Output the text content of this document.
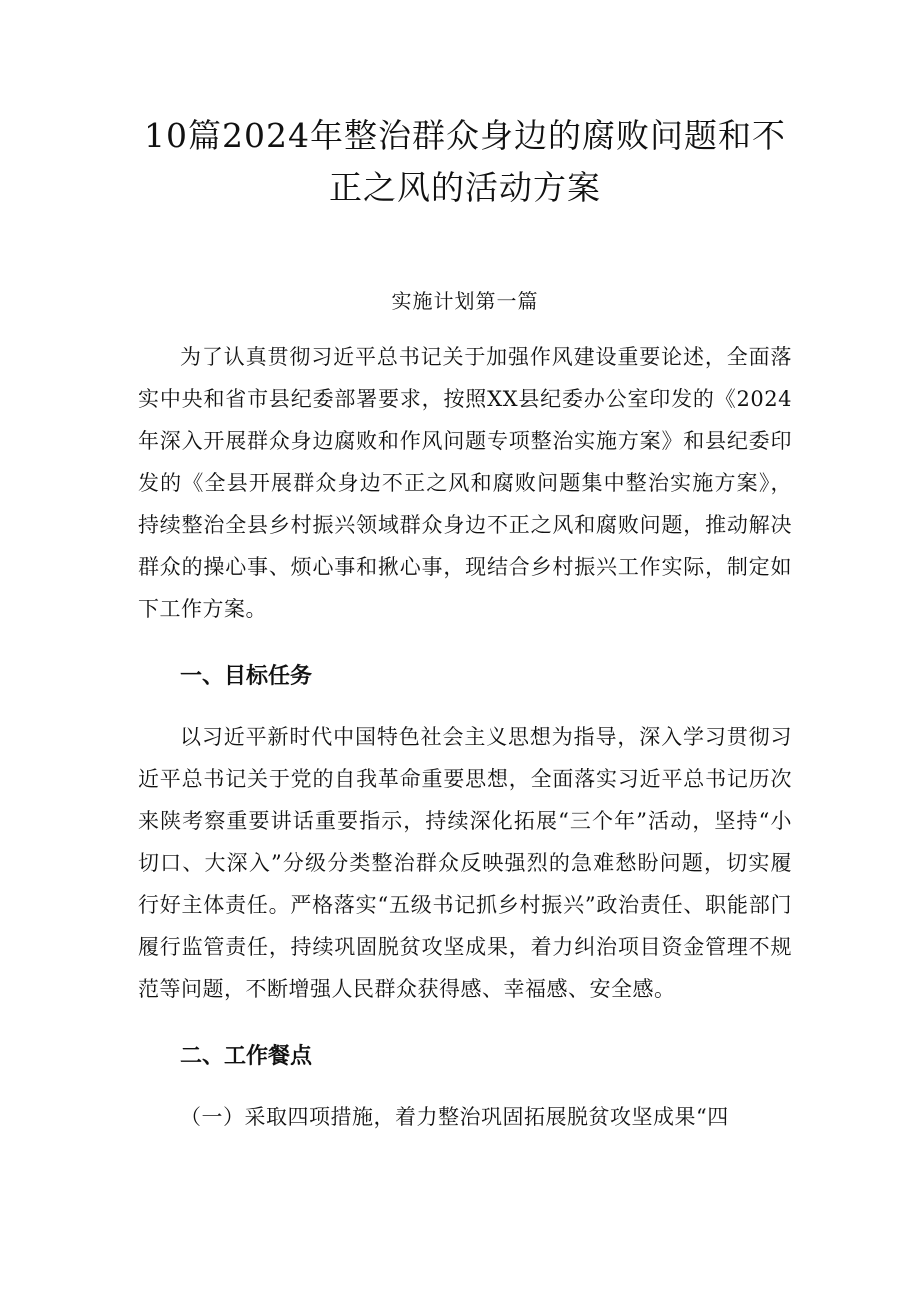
10篇2024年整治群众身边的腐败问题和不
正之风的活动方案
实施计划第一篇

为了认真贯彻习近平总书记关于加强作风建设重要论述，全面落实中央和省市县纪委部署要求，按照XX县纪委办公室印发的《2024年深入开展群众身边腐败和作风问题专项整治实施方案》和县纪委印发的《全县开展群众身边不正之风和腐败问题集中整治实施方案》，持续整治全县乡村振兴领域群众身边不正之风和腐败问题，推动解决群众的操心事、烦心事和揪心事，现结合乡村振兴工作实际，制定如下工作方案。

一、目标任务

以习近平新时代中国特色社会主义思想为指导，深入学习贯彻习近平总书记关于党的自我革命重要思想，全面落实习近平总书记历次来陕考察重要讲话重要指示，持续深化拓展“三个年”活动，坚持“小切口、大深入”分级分类整治群众反映强烈的急难愁盼问题，切实履行好主体责任。严格落实“五级书记抓乡村振兴”政治责任、职能部门履行监管责任，持续巩固脱贫攻坚成果，着力纠治项目资金管理不规范等问题，不断增强人民群众获得感、幸福感、安全感。

二、工作餐点

（一）采取四项措施，着力整治巩固拓展脱贫攻坚成果“四
